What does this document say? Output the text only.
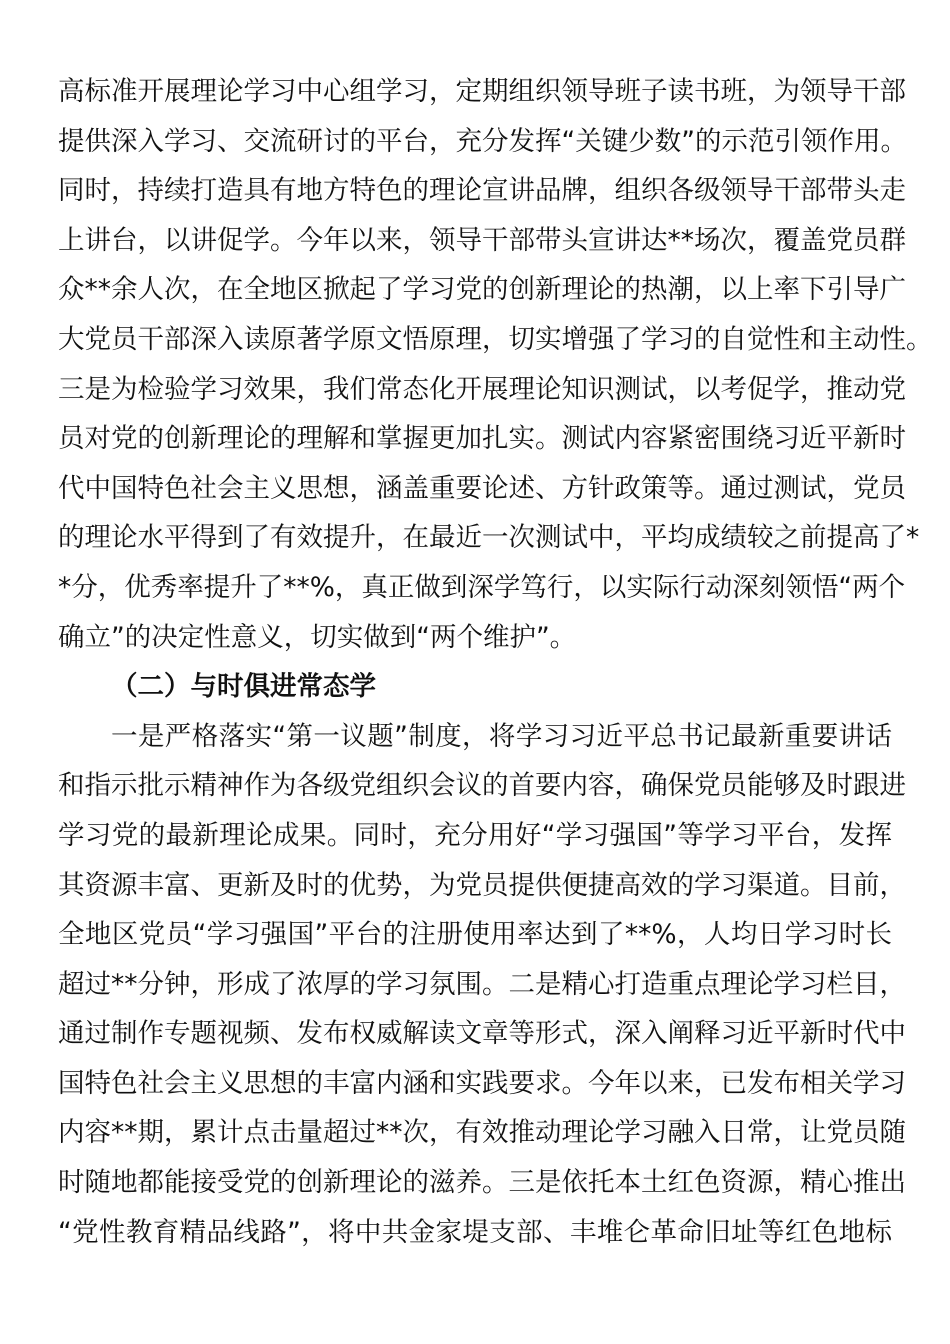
高标准开展理论学习中心组学习，定期组织领导班子读书班，为领导干部
提供深入学习、交流研讨的平台，充分发挥“关键少数”的示范引领作用。
同时，持续打造具有地方特色的理论宣讲品牌，组织各级领导干部带头走
上讲台，以讲促学。今年以来，领导干部带头宣讲达**场次，覆盖党员群
众**余人次，在全地区掀起了学习党的创新理论的热潮，以上率下引导广
大党员干部深入读原著学原文悟原理，切实增强了学习的自觉性和主动性。
三是为检验学习效果，我们常态化开展理论知识测试，以考促学，推动党
员对党的创新理论的理解和掌握更加扎实。测试内容紧密围绕习近平新时
代中国特色社会主义思想，涵盖重要论述、方针政策等。通过测试，党员
的理论水平得到了有效提升，在最近一次测试中，平均成绩较之前提高了*
*分，优秀率提升了**%，真正做到深学笃行，以实际行动深刻领悟“两个
确立”的决定性意义，切实做到“两个维护”。
（二）与时俱进常态学
一是严格落实“第一议题”制度，将学习习近平总书记最新重要讲话
和指示批示精神作为各级党组织会议的首要内容，确保党员能够及时跟进
学习党的最新理论成果。同时，充分用好“学习强国”等学习平台，发挥
其资源丰富、更新及时的优势，为党员提供便捷高效的学习渠道。目前，
全地区党员“学习强国”平台的注册使用率达到了**%，人均日学习时长
超过**分钟，形成了浓厚的学习氛围。二是精心打造重点理论学习栏目，
通过制作专题视频、发布权威解读文章等形式，深入阐释习近平新时代中
国特色社会主义思想的丰富内涵和实践要求。今年以来，已发布相关学习
内容**期，累计点击量超过**次，有效推动理论学习融入日常，让党员随
时随地都能接受党的创新理论的滋养。三是依托本土红色资源，精心推出
“党性教育精品线路”，将中共金家堤支部、丰堆仑革命旧址等红色地标
